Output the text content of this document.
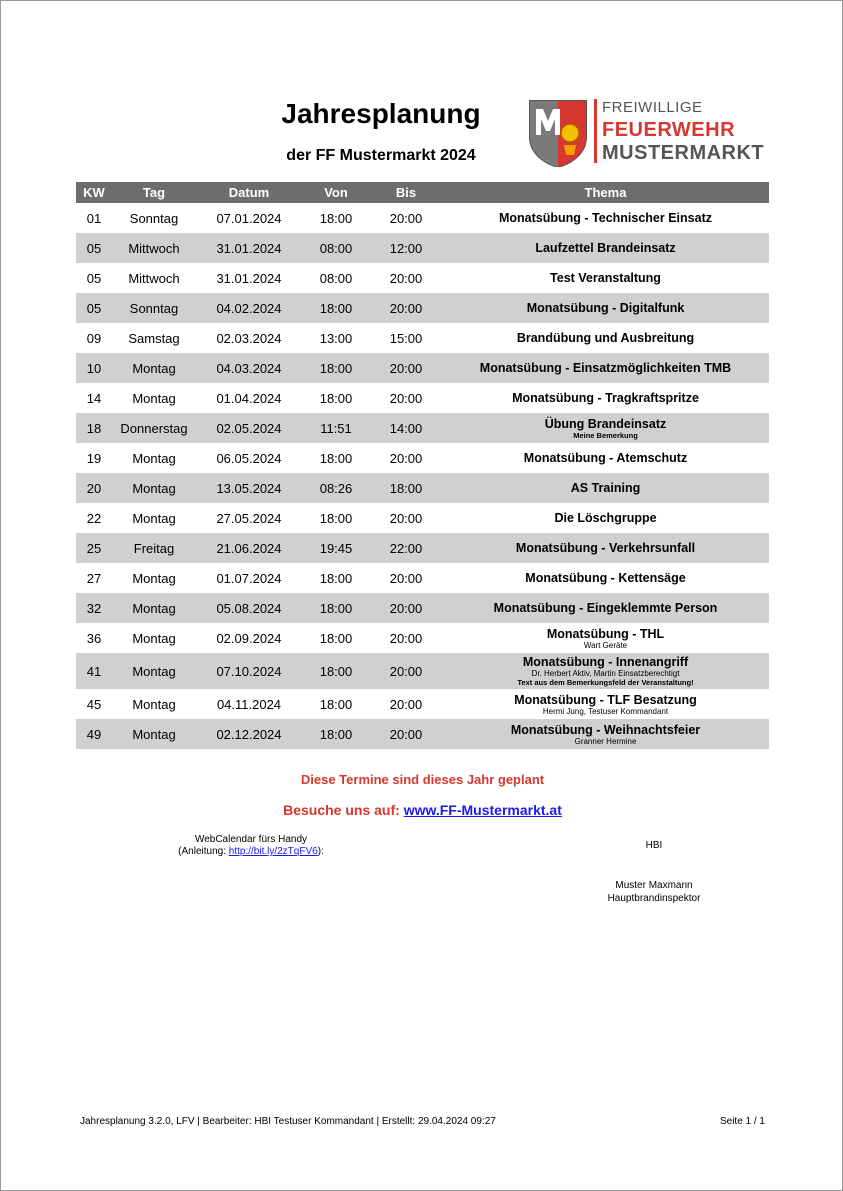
Jahresplanung
der FF Mustermarkt 2024
FREIWILLIGE
FEUERWEHR
MUSTERMARKT
KW	Tag	Datum	Von	Bis	Thema
01	Sonntag	07.01.2024	18:00	20:00	Monatsübung - Technischer Einsatz
05	Mittwoch	31.01.2024	08:00	12:00	Laufzettel Brandeinsatz
05	Mittwoch	31.01.2024	08:00	20:00	Test Veranstaltung
05	Sonntag	04.02.2024	18:00	20:00	Monatsübung - Digitalfunk
09	Samstag	02.03.2024	13:00	15:00	Brandübung und Ausbreitung
10	Montag	04.03.2024	18:00	20:00	Monatsübung - Einsatzmöglichkeiten TMB
14	Montag	01.04.2024	18:00	20:00	Monatsübung - Tragkraftspritze
18	Donnerstag	02.05.2024	11:51	14:00	Übung Brandeinsatz
Meine Bemerkung

19	Montag	06.05.2024	18:00	20:00	Monatsübung - Atemschutz
20	Montag	13.05.2024	08:26	18:00	AS Training
22	Montag	27.05.2024	18:00	20:00	Die Löschgruppe
25	Freitag	21.06.2024	19:45	22:00	Monatsübung - Verkehrsunfall
27	Montag	01.07.2024	18:00	20:00	Monatsübung - Kettensäge
32	Montag	05.08.2024	18:00	20:00	Monatsübung - Eingeklemmte Person
36	Montag	02.09.2024	18:00	20:00	Monatsübung - THL
Wart Geräte

41	Montag	07.10.2024	18:00	20:00	Monatsübung - Innenangriff
Dr. Herbert Aktiv, Martin Einsatzberechtigt
Text aus dem Bemerkungsfeld der Veranstaltung!

45	Montag	04.11.2024	18:00	20:00	Monatsübung - TLF Besatzung
Hermi Jung, Testuser Kommandant

49	Montag	02.12.2024	18:00	20:00	Monatsübung - Weihnachtsfeier
Granner Hermine
Diese Termine sind dieses Jahr geplant
Besuche uns auf: www.FF-Mustermarkt.at
WebCalendar fürs Handy
(Anleitung: http://bit.ly/2zTqFV6):
HBI
Muster Maxmann
Hauptbrandinspektor
Jahresplanung 3.2.0, LFV | Bearbeiter: HBI Testuser Kommandant | Erstellt: 29.04.2024 09:27	Seite 1 / 1
